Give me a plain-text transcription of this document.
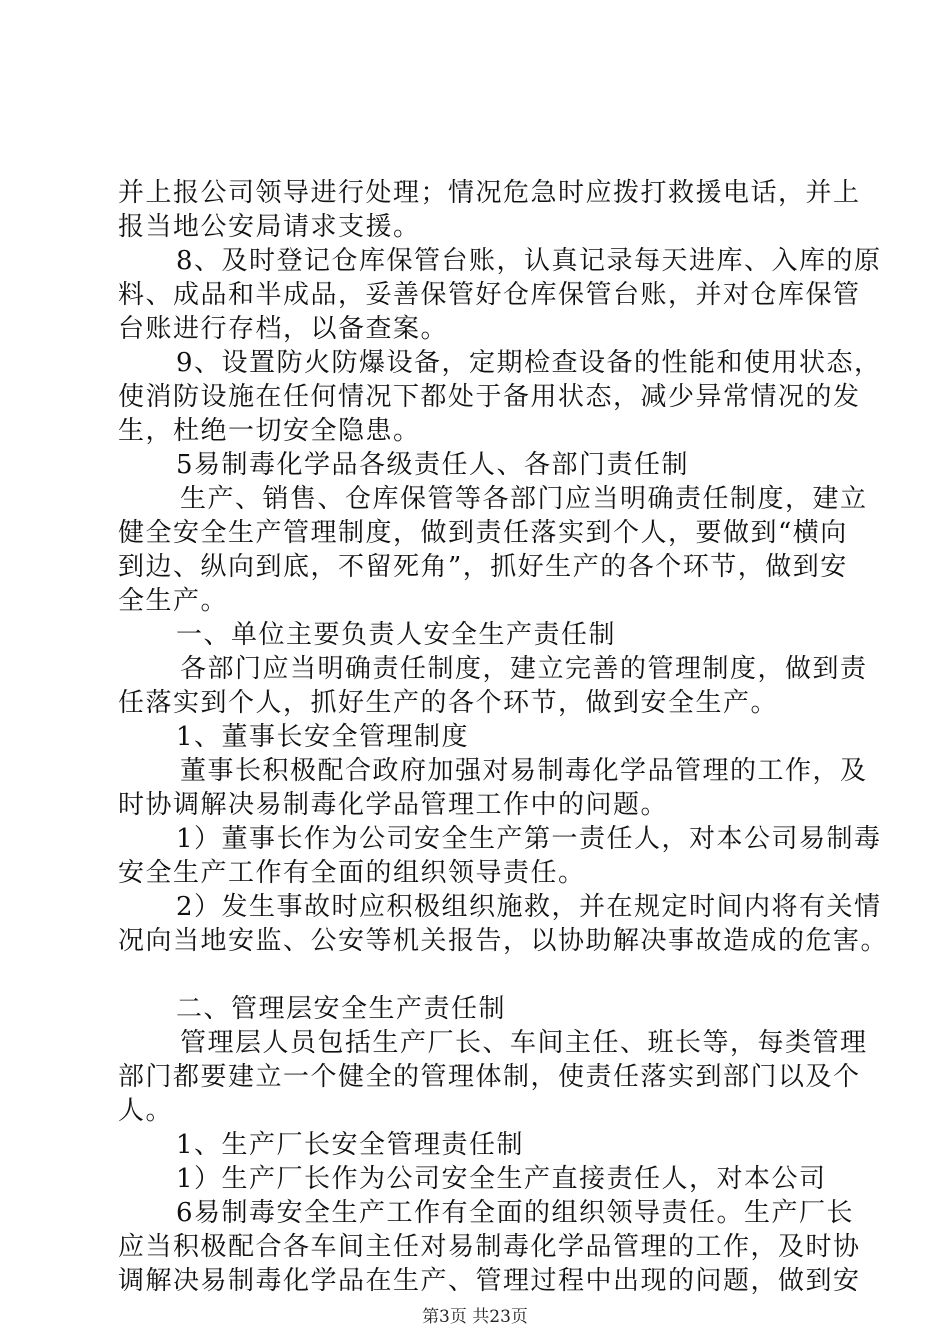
并上报公司领导进行处理；情况危急时应拨打救援电话，并上
报当地公安局请求支援。
8、及时登记仓库保管台账，认真记录每天进库、入库的原
料、成品和半成品，妥善保管好仓库保管台账，并对仓库保管
台账进行存档，以备查案。
9、设置防火防爆设备，定期检查设备的性能和使用状态，
使消防设施在任何情况下都处于备用状态，减少异常情况的发
生，杜绝一切安全隐患。
5易制毒化学品各级责任人、各部门责任制
生产、销售、仓库保管等各部门应当明确责任制度，建立
健全安全生产管理制度，做到责任落实到个人，要做到“横向
到边、纵向到底，不留死角”，抓好生产的各个环节，做到安
全生产。
一、单位主要负责人安全生产责任制
各部门应当明确责任制度，建立完善的管理制度，做到责
任落实到个人，抓好生产的各个环节，做到安全生产。
1、董事长安全管理制度
董事长积极配合政府加强对易制毒化学品管理的工作，及
时协调解决易制毒化学品管理工作中的问题。
1）董事长作为公司安全生产第一责任人，对本公司易制毒
安全生产工作有全面的组织领导责任。
2）发生事故时应积极组织施救，并在规定时间内将有关情
况向当地安监、公安等机关报告，以协助解决事故造成的危害。
二、管理层安全生产责任制
管理层人员包括生产厂长、车间主任、班长等，每类管理
部门都要建立一个健全的管理体制，使责任落实到部门以及个
人。
1、生产厂长安全管理责任制
1）生产厂长作为公司安全生产直接责任人，对本公司
6易制毒安全生产工作有全面的组织领导责任。生产厂长
应当积极配合各车间主任对易制毒化学品管理的工作，及时协
调解决易制毒化学品在生产、管理过程中出现的问题，做到安
第3页 共23页
